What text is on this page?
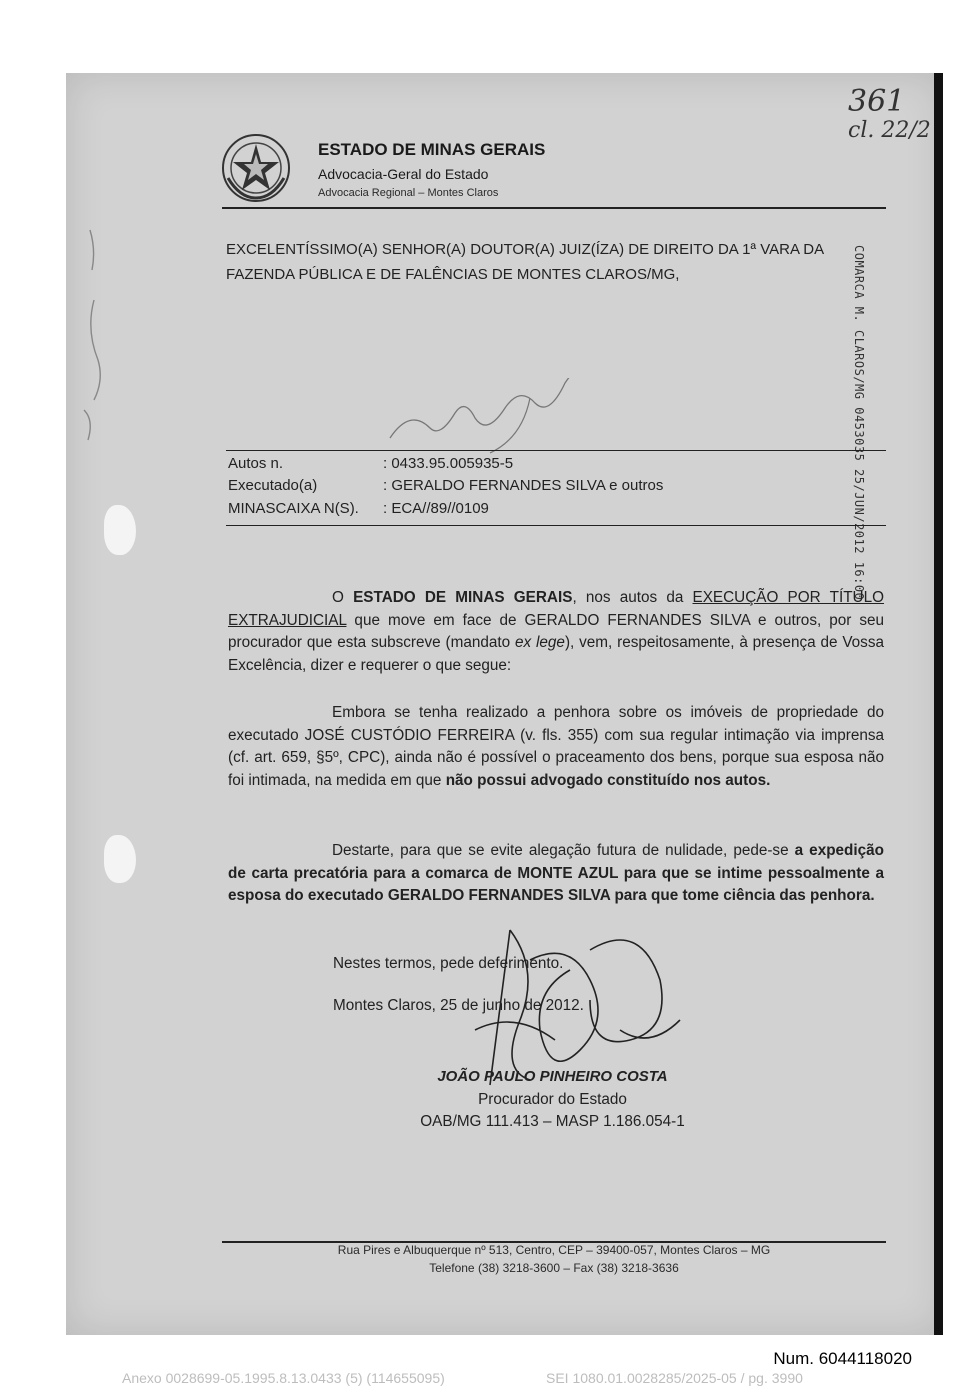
ESTADO DE MINAS GERAIS
Advocacia-Geral do Estado
Advocacia Regional – Montes Claros
361
cl. 22/2
EXCELENTÍSSIMO(A) SENHOR(A) DOUTOR(A) JUIZ(ÍZA) DE DIREITO DA 1ª VARA DA FAZENDA PÚBLICA E DE FALÊNCIAS DE MONTES CLAROS/MG,	COMARCA M. CLAROS/MG 0453035 25/JUN/2012 16:00
Autos n.	: 0433.95.005935-5
Executado(a)	: GERALDO FERNANDES SILVA e outros
MINASCAIXA N(S). : ECA//89//0109
O ESTADO DE MINAS GERAIS, nos autos da EXECUÇÃO POR TÍTULO EXTRAJUDICIAL que move em face de GERALDO FERNANDES SILVA e outros, por seu procurador que esta subscreve (mandato ex lege), vem, respeitosamente, à presença de Vossa Excelência, dizer e requerer o que segue:
Embora se tenha realizado a penhora sobre os imóveis de propriedade do executado JOSÉ CUSTÓDIO FERREIRA (v. fls. 355) com sua regular intimação via imprensa (cf. art. 659, §5º, CPC), ainda não é possível o praceamento dos bens, porque sua esposa não foi intimada, na medida em que não possui advogado constituído nos autos.
Destarte, para que se evite alegação futura de nulidade, pede-se a expedição de carta precatória para a comarca de MONTE AZUL para que se intime pessoalmente a esposa do executado GERALDO FERNANDES SILVA para que tome ciência das penhora.
Nestes termos, pede deferimento.
Montes Claros, 25 de junho de 2012.
JOÃO PAULO PINHEIRO COSTA
Procurador do Estado
OAB/MG 111.413 – MASP 1.186.054-1
Rua Pires e Albuquerque nº 513, Centro, CEP – 39400-057, Montes Claros – MG
Telefone (38) 3218-3600 – Fax (38) 3218-3636
Num. 6044118020
Anexo 0028699-05.1995.8.13.0433 (5) (114655095)	SEI 1080.01.0028285/2025-05 / pg. 3990
